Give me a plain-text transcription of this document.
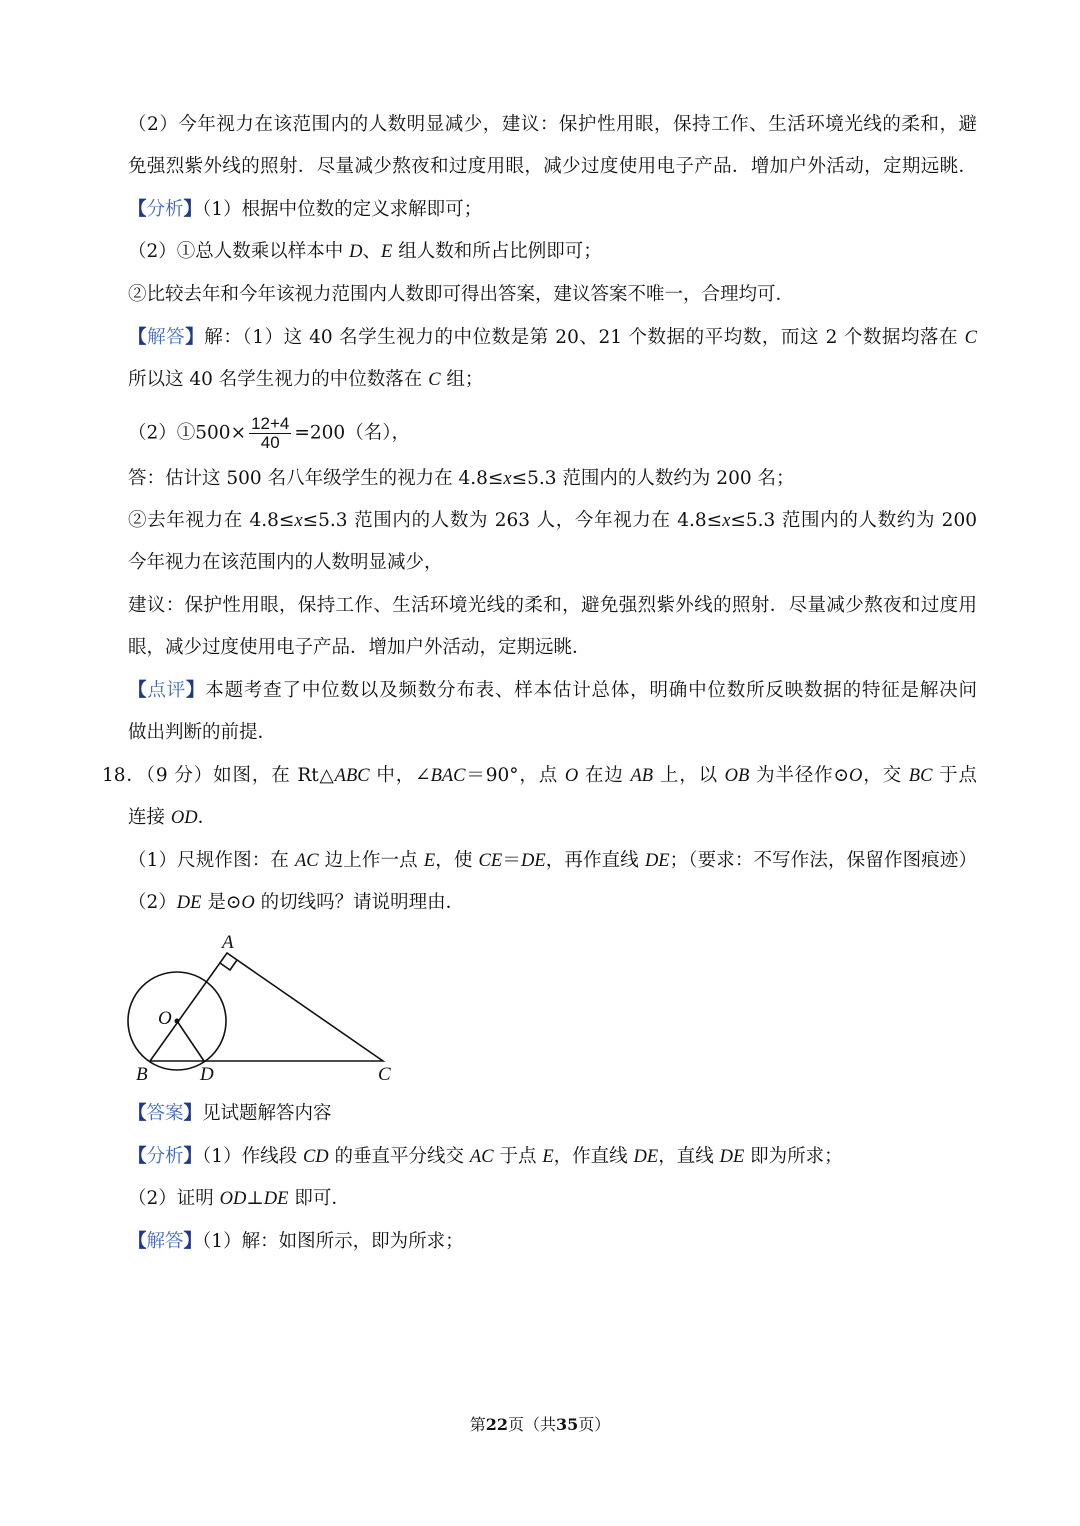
（2）今年视力在该范围内的人数明显减少，建议：保护性用眼，保持工作、生活环境光线的柔和，避
免强烈紫外线的照射．尽量减少熬夜和过度用眼，减少过度使用电子产品．增加户外活动，定期远眺．
【分析】（1）根据中位数的定义求解即可；
（2）①总人数乘以样本中 D、E 组人数和所占比例即可；
②比较去年和今年该视力范围内人数即可得出答案，建议答案不唯一，合理均可．
【解答】解：（1）这 40 名学生视力的中位数是第 20、21 个数据的平均数，而这 2 个数据均落在 C
所以这 40 名学生视力的中位数落在 C 组；
（2）①500× $\frac{12+4}{40} =200$（名），
答：估计这 500 名八年级学生的视力在 4.8≤x≤5.3 范围内的人数约为 200 名；
②去年视力在 4.8≤x≤5.3 范围内的人数为 263 人，今年视力在 4.8≤x≤5.3 范围内的人数约为 200
今年视力在该范围内的人数明显减少，
建议：保护性用眼，保持工作、生活环境光线的柔和，避免强烈紫外线的照射．尽量减少熬夜和过度用
眼，减少过度使用电子产品．增加户外活动，定期远眺．
【点评】本题考查了中位数以及频数分布表、样本估计总体，明确中位数所反映数据的特征是解决问
做出判断的前提．
18．（9 分）如图，在 Rt△ABC 中，∠BAC＝90°，点 O 在边 AB 上，以 OB 为半径作⊙O，交 BC 于点
连接 OD．
（1）尺规作图：在 AC 边上作一点 E，使 CE＝DE，再作直线 DE；（要求：不写作法，保留作图痕迹）
（2）DE 是⊙O 的切线吗？请说明理由．
【答案】见试题解答内容
【分析】（1）作线段 CD 的垂直平分线交 AC 于点 E，作直线 DE，直线 DE 即为所求；
（2）证明 OD⊥DE 即可．
【解答】（1）解：如图所示，即为所求；
A
O
B	D	C
第22页（共35页）
